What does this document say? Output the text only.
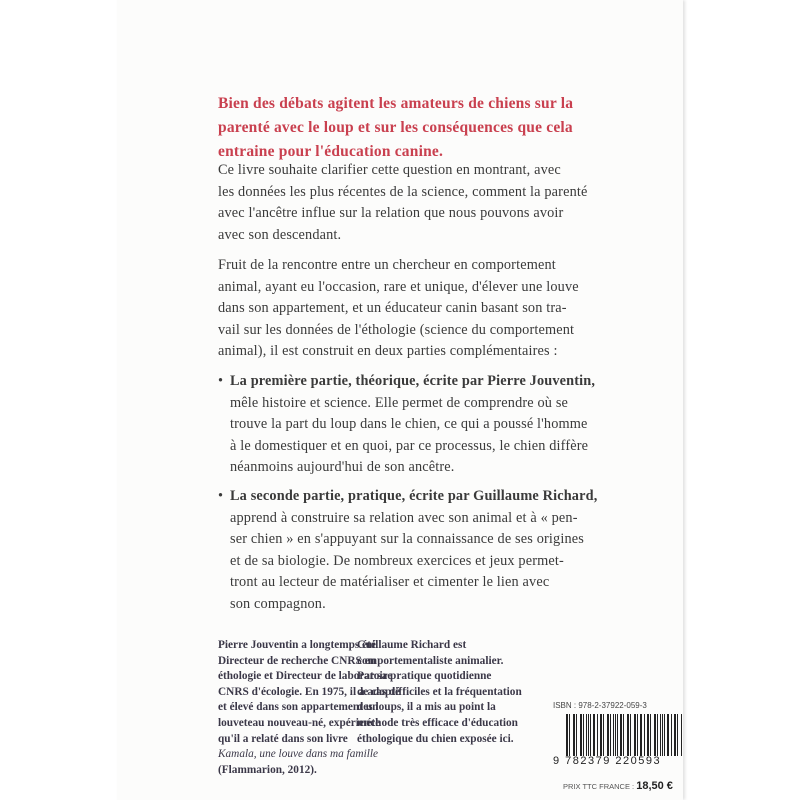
Bien des débats agitent les amateurs de chiens sur la
parenté avec le loup et sur les conséquences que cela
entraine pour l'éducation canine.
Ce livre souhaite clarifier cette question en montrant, avec
les données les plus récentes de la science, comment la parenté
avec l'ancêtre influe sur la relation que nous pouvons avoir
avec son descendant.
Fruit de la rencontre entre un chercheur en comportement
animal, ayant eu l'occasion, rare et unique, d'élever une louve
dans son appartement, et un éducateur canin basant son tra-
vail sur les données de l'éthologie (science du comportement
animal), il est construit en deux parties complémentaires :
• La première partie, théorique, écrite par Pierre Jouventin,
mêle histoire et science. Elle permet de comprendre où se
trouve la part du loup dans le chien, ce qui a poussé l'homme
à le domestiquer et en quoi, par ce processus, le chien diffère
néanmoins aujourd'hui de son ancêtre.
• La seconde partie, pratique, écrite par Guillaume Richard,
apprend à construire sa relation avec son animal et à « pen-
ser chien » en s'appuyant sur la connaissance de ses origines
et de sa biologie. De nombreux exercices et jeux permet-
tront au lecteur de matérialiser et cimenter le lien avec
son compagnon.
Pierre Jouventin a longtemps été
Directeur de recherche CNRS en
éthologie et Directeur de laboratoire
CNRS d'écologie. En 1975, il a adopté
et élevé dans son appartement un
louveteau nouveau-né, expérience
qu'il a relaté dans son livre
Kamala, une louve dans ma famille
(Flammarion, 2012).
Guillaume Richard est
comportementaliste animalier.
Par sa pratique quotidienne
de cas difficiles et la fréquentation
des loups, il a mis au point la
méthode très efficace d'éducation
éthologique du chien exposée ici.
ISBN : 978-2-37922-059-3
9 782379 220593
PRIX TTC FRANCE : 18,50 €
